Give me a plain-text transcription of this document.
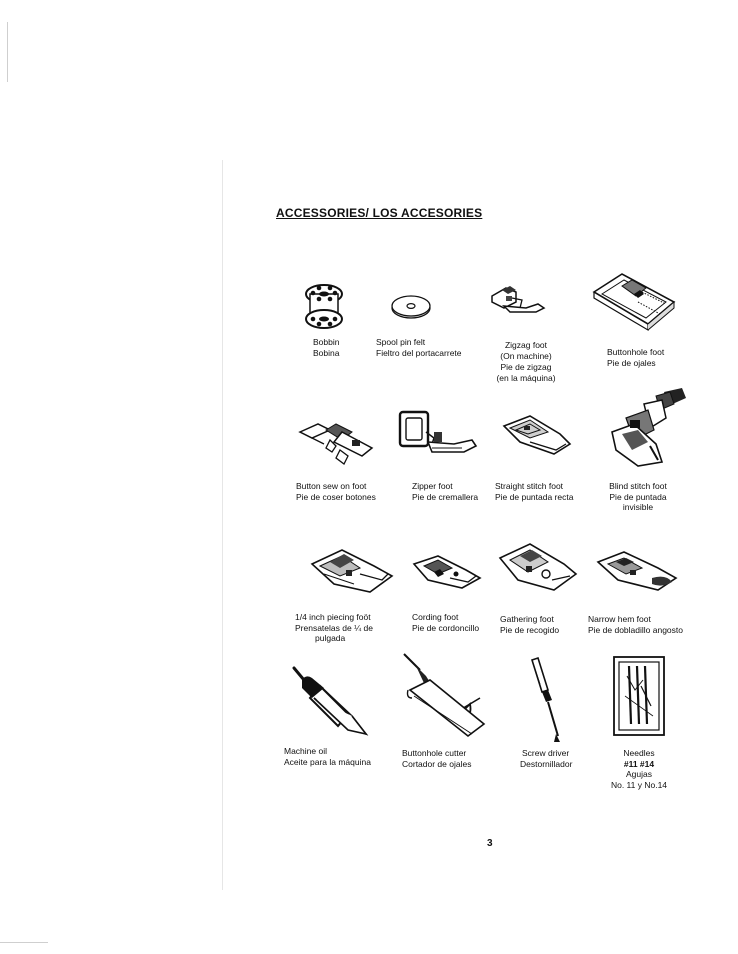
ACCESSORIES/ LOS ACCESORIES
Bobbin
Bobina
Spool pin felt
Fieltro del portacarrete
Zigzag foot
(On machine)
Pie de zigzag
(en la máquina)
Buttonhole foot
Pie de ojales
Button sew on foot
Pie de coser botones
Zipper foot
Pie de cremallera
Straight stitch foot
Pie de puntada recta
Blind stitch foot
Pie de puntada
invisible
1/4 inch piecing foöt
Prensatelas de ¼ de
pulgada
Cording foot
Pie de cordoncillo
Gathering foot
Pie de recogido
Narrow hem foot
Pie de dobladillo angosto
Machine oil
Aceite para la máquina
Buttonhole cutter
Cortador de ojales
Screw driver
Destornillador
Needles
#11 #14
Agujas
No. 11 y No.14
3
